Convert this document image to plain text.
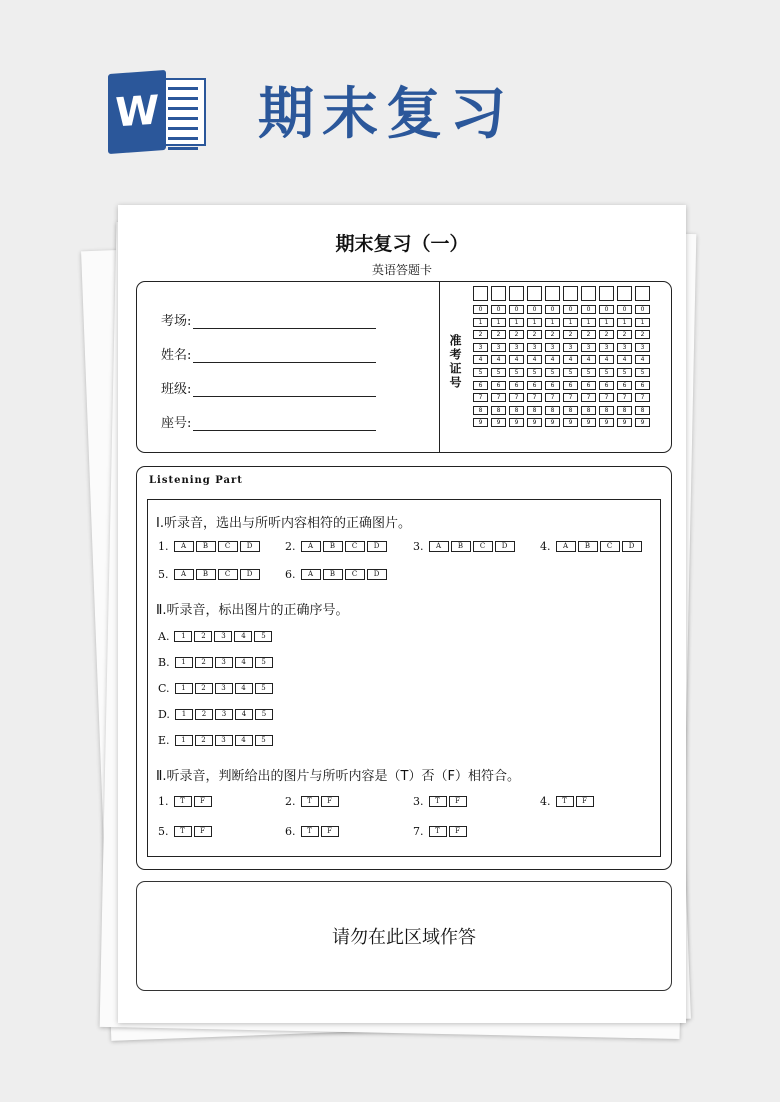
W 期末复习
期末复习（一）
英语答题卡
考场:
姓名:
班级:
座号:
准考证号
0	0	0	0	0	0	0	0	0	0
1	1	1	1	1	1	1	1	1	1
2	2	2	2	2	2	2	2	2	2
3	3	3	3	3	3	3	3	3	3
4	4	4	4	4	4	4	4	4	4
5	5	5	5	5	5	5	5	5	5
6	6	6	6	6	6	6	6	6	6
7	7	7	7	7	7	7	7	7	7
8	8	8	8	8	8	8	8	8	8
9	9	9	9	9	9	9	9	9	9
Listening Part
Ⅰ.听录音，选出与所听内容相符的正确图片。
Ⅱ.听录音，标出图片的正确序号。
Ⅱ.听录音，判断给出的图片与所听内容是（T）否（F）相符合。
1.	A	B	C	D	2.	A	B	C	D	3.	A	B	C	D	4.	A	B	C	D
5.	A	B	C	D	6.	A	B	C	D
A.	1	2	3	4	5
B.	1	2	3	4	5
C.	1	2	3	4	5
D.	1	2	3	4	5
E.	1	2	3	4	5
1.	T	F	2.	T	F	3.	T	F	4.	T	F
5.	T	F	6.	T	F	7.	T	F
请勿在此区域作答
